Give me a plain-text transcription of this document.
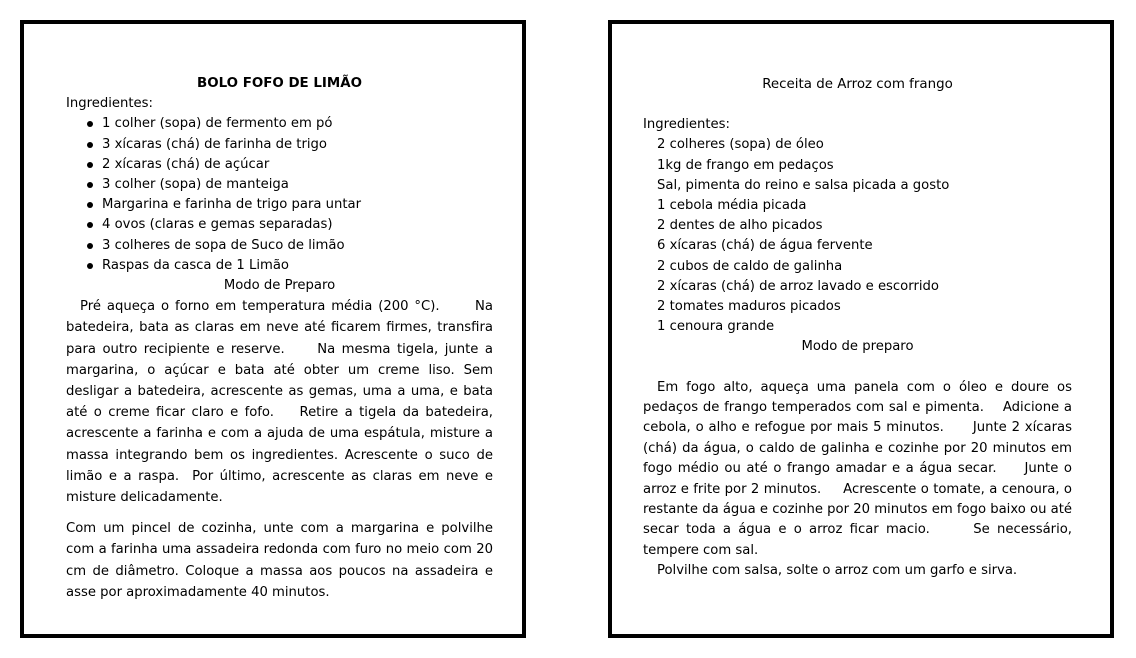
BOLO FOFO DE LIMÃO
Ingredientes:
1 colher (sopa) de fermento em pó
3 xícaras (chá) de farinha de trigo
2 xícaras (chá) de açúcar
3 colher (sopa) de manteiga
Margarina e farinha de trigo para untar
4 ovos (claras e gemas separadas)
3 colheres de sopa de Suco de limão
Raspas da casca de 1 Limão
Modo de Preparo
Pré aqueça o forno em temperatura média (200 °C).      Na batedeira, bata as claras em neve até ficarem firmes, transfira para outro recipiente e reserve.     Na mesma tigela, junte a margarina, o açúcar e bata até obter um creme liso. Sem desligar a batedeira, acrescente as gemas, uma a uma, e bata até o creme ficar claro e fofo.    Retire a tigela da batedeira, acrescente a farinha e com a ajuda de uma espátula, misture a massa integrando bem os ingredientes. Acrescente o suco de limão e a raspa.  Por último, acrescente as claras em neve e misture delicadamente.
Com um pincel de cozinha, unte com a margarina e polvilhe com a farinha uma assadeira redonda com furo no meio com 20 cm de diâmetro. Coloque a massa aos poucos na assadeira e asse por aproximadamente 40 minutos.
Receita de Arroz com frango
Ingredientes:
2 colheres (sopa) de óleo
1kg de frango em pedaços
Sal, pimenta do reino e salsa picada a gosto
1 cebola média picada
2 dentes de alho picados
6 xícaras (chá) de água fervente
2 cubos de caldo de galinha
2 xícaras (chá) de arroz lavado e escorrido
2 tomates maduros picados
1 cenoura grande
Modo de preparo
Em fogo alto, aqueça uma panela com o óleo e doure os pedaços de frango temperados com sal e pimenta.    Adicione a cebola, o alho e refogue por mais 5 minutos.      Junte 2 xícaras (chá) da água, o caldo de galinha e cozinhe por 20 minutos em fogo médio ou até o frango amadar e a água secar.     Junte o arroz e frite por 2 minutos.     Acrescente o tomate, a cenoura, o restante da água e cozinhe por 20 minutos em fogo baixo ou até secar toda a água e o arroz ficar macio.      Se necessário, tempere com sal.
Polvilhe com salsa, solte o arroz com um garfo e sirva.
